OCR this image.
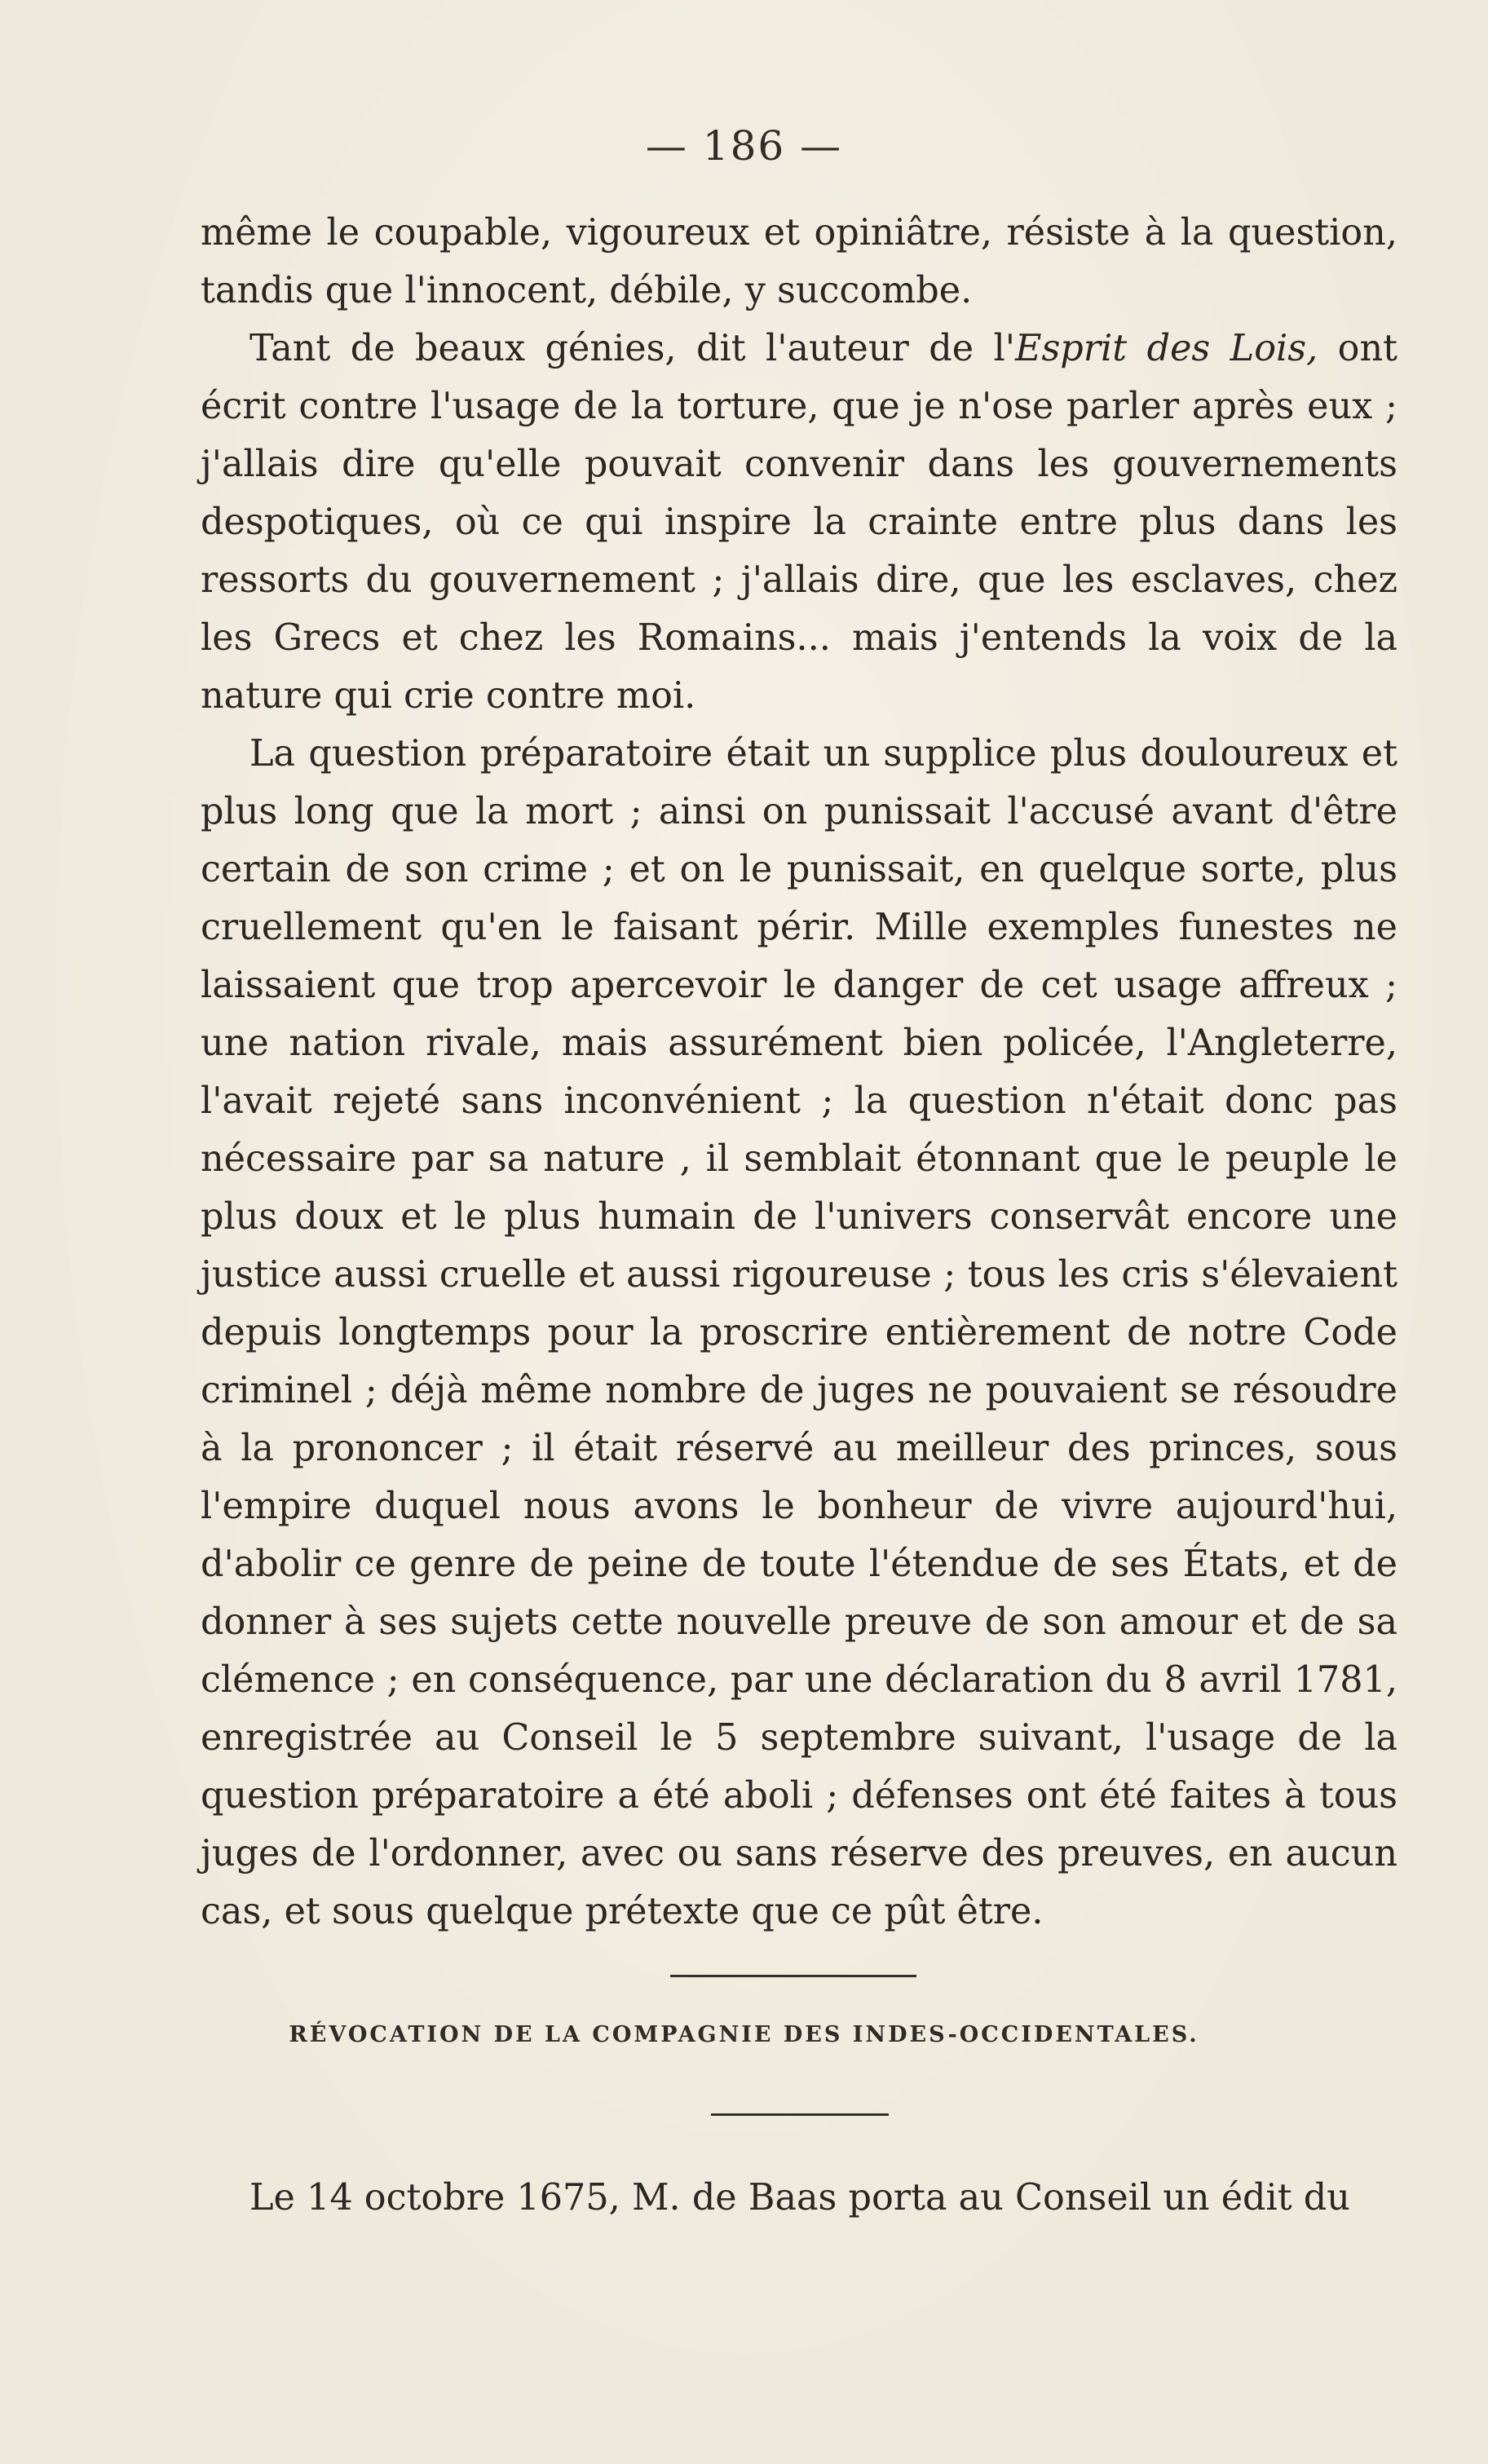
— 186 —

même le coupable, vigoureux et opiniâtre, résiste à la question, tandis que l'innocent, débile, y succombe.

Tant de beaux génies, dit l'auteur de l'Esprit des Lois, ont écrit contre l'usage de la torture, que je n'ose parler après eux ; j'allais dire qu'elle pouvait convenir dans les gouvernements despotiques, où ce qui inspire la crainte entre plus dans les ressorts du gouvernement ; j'allais dire, que les esclaves, chez les Grecs et chez les Romains... mais j'entends la voix de la nature qui crie contre moi.

La question préparatoire était un supplice plus douloureux et plus long que la mort ; ainsi on punissait l'accusé avant d'être certain de son crime ; et on le punissait, en quelque sorte, plus cruellement qu'en le faisant périr. Mille exemples funestes ne laissaient que trop apercevoir le danger de cet usage affreux ; une nation rivale, mais assurément bien policée, l'Angleterre, l'avait rejeté sans inconvénient ; la question n'était donc pas nécessaire par sa nature , il semblait étonnant que le peuple le plus doux et le plus humain de l'univers conservât encore une justice aussi cruelle et aussi rigoureuse ; tous les cris s'élevaient depuis longtemps pour la proscrire entièrement de notre Code criminel ; déjà même nombre de juges ne pouvaient se résoudre à la prononcer ; il était réservé au meilleur des princes, sous l'empire duquel nous avons le bonheur de vivre aujourd'hui, d'abolir ce genre de peine de toute l'étendue de ses États, et de donner à ses sujets cette nouvelle preuve de son amour et de sa clémence ; en conséquence, par une déclaration du 8 avril 1781, enregistrée au Conseil le 5 septembre suivant, l'usage de la question préparatoire a été aboli ; défenses ont été faites à tous juges de l'ordonner, avec ou sans réserve des preuves, en aucun cas, et sous quelque prétexte que ce pût être.

RÉVOCATION DE LA COMPAGNIE DES INDES-OCCIDENTALES.

Le 14 octobre 1675, M. de Baas porta au Conseil un édit du
